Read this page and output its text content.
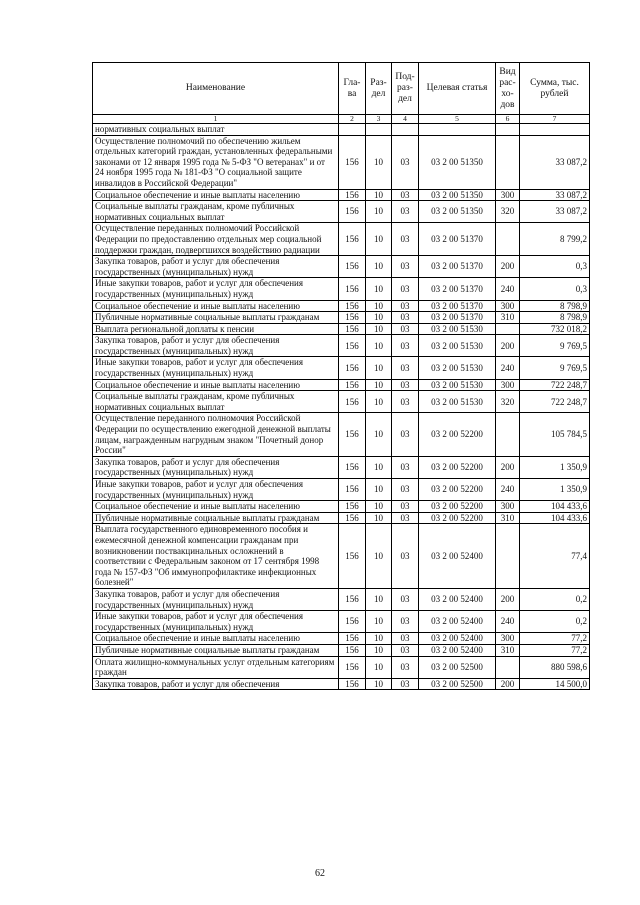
Наименование	Гла- ва	Раз- дел	Под- раз- дел	Целевая статья	Вид рас- хо- дов	Сумма, тыс. рублей
1	2	3	4	5	6	7
нормативных социальных выплат						
Осуществление полномочий по обеспечению жильем отдельных категорий граждан, установленных федеральными законами от 12 января 1995 года № 5-ФЗ "О ветеранах" и от 24 ноября 1995 года № 181-ФЗ "О социальной защите инвалидов в Российской Федерации"	156	10	03	03 2 00 51350		33 087,2
Социальное обеспечение и иные выплаты населению	156	10	03	03 2 00 51350	300	33 087,2
Социальные выплаты гражданам, кроме публичных нормативных социальных выплат	156	10	03	03 2 00 51350	320	33 087,2
Осуществление переданных полномочий Российской Федерации по предоставлению отдельных мер социальной поддержки граждан, подвергшихся воздействию радиации	156	10	03	03 2 00 51370		8 799,2
Закупка товаров, работ и услуг для обеспечения государственных (муниципальных) нужд	156	10	03	03 2 00 51370	200	0,3
Иные закупки товаров, работ и услуг для обеспечения государственных (муниципальных) нужд	156	10	03	03 2 00 51370	240	0,3
Социальное обеспечение и иные выплаты населению	156	10	03	03 2 00 51370	300	8 798,9
Публичные нормативные социальные выплаты гражданам	156	10	03	03 2 00 51370	310	8 798,9
Выплата региональной доплаты к пенсии	156	10	03	03 2 00 51530		732 018,2
Закупка товаров, работ и услуг для обеспечения государственных (муниципальных) нужд	156	10	03	03 2 00 51530	200	9 769,5
Иные закупки товаров, работ и услуг для обеспечения государственных (муниципальных) нужд	156	10	03	03 2 00 51530	240	9 769,5
Социальное обеспечение и иные выплаты населению	156	10	03	03 2 00 51530	300	722 248,7
Социальные выплаты гражданам, кроме публичных нормативных социальных выплат	156	10	03	03 2 00 51530	320	722 248,7
Осуществление переданного полномочия Российской Федерации по осуществлению ежегодной денежной выплаты лицам, награжденным нагрудным знаком "Почетный донор России"	156	10	03	03 2 00 52200		105 784,5
Закупка товаров, работ и услуг для обеспечения государственных (муниципальных) нужд	156	10	03	03 2 00 52200	200	1 350,9
Иные закупки товаров, работ и услуг для обеспечения государственных (муниципальных) нужд	156	10	03	03 2 00 52200	240	1 350,9
Социальное обеспечение и иные выплаты населению	156	10	03	03 2 00 52200	300	104 433,6
Публичные нормативные социальные выплаты гражданам	156	10	03	03 2 00 52200	310	104 433,6
Выплата государственного единовременного пособия и ежемесячной денежной компенсации гражданам при возникновении поствакцинальных осложнений в соответствии с Федеральным законом от 17 сентября 1998 года № 157-ФЗ "Об иммунопрофилактике инфекционных болезней"	156	10	03	03 2 00 52400		77,4
Закупка товаров, работ и услуг для обеспечения государственных (муниципальных) нужд	156	10	03	03 2 00 52400	200	0,2
Иные закупки товаров, работ и услуг для обеспечения государственных (муниципальных) нужд	156	10	03	03 2 00 52400	240	0,2
Социальное обеспечение и иные выплаты населению	156	10	03	03 2 00 52400	300	77,2
Публичные нормативные социальные выплаты гражданам	156	10	03	03 2 00 52400	310	77,2
Оплата жилищно-коммунальных услуг отдельным категориям граждан	156	10	03	03 2 00 52500		880 598,6
Закупка товаров, работ и услуг для обеспечения	156	10	03	03 2 00 52500	200	14 500,0
62
